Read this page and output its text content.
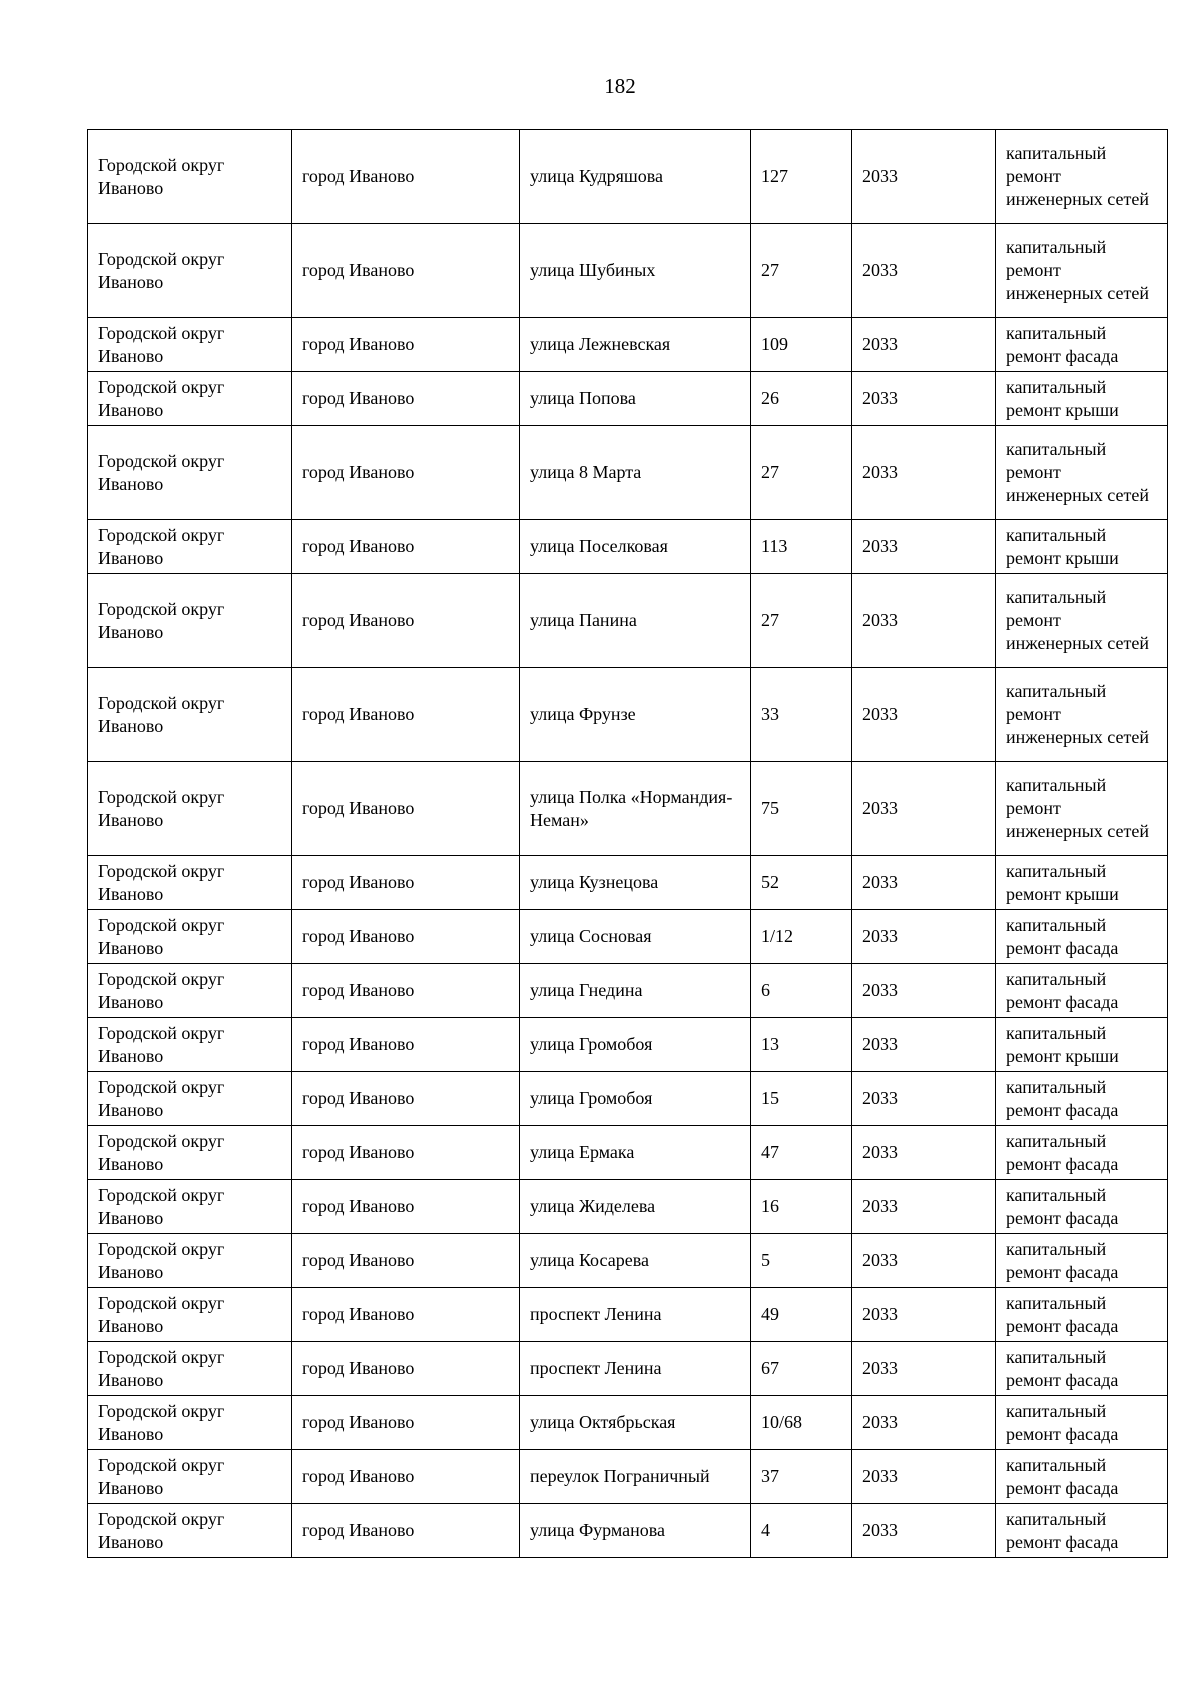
182
Городской округ Иваново	город Иваново	улица Кудряшова	127	2033	капитальный ремонт инженерных сетей
Городской округ Иваново	город Иваново	улица Шубиных	27	2033	капитальный ремонт инженерных сетей
Городской округ Иваново	город Иваново	улица Лежневская	109	2033	капитальный ремонт фасада
Городской округ Иваново	город Иваново	улица Попова	26	2033	капитальный ремонт крыши
Городской округ Иваново	город Иваново	улица 8 Марта	27	2033	капитальный ремонт инженерных сетей
Городской округ Иваново	город Иваново	улица Поселковая	113	2033	капитальный ремонт крыши
Городской округ Иваново	город Иваново	улица Панина	27	2033	капитальный ремонт инженерных сетей
Городской округ Иваново	город Иваново	улица Фрунзе	33	2033	капитальный ремонт инженерных сетей
Городской округ Иваново	город Иваново	улица Полка «Нормандия-Неман»	75	2033	капитальный ремонт инженерных сетей
Городской округ Иваново	город Иваново	улица Кузнецова	52	2033	капитальный ремонт крыши
Городской округ Иваново	город Иваново	улица Сосновая	1/12	2033	капитальный ремонт фасада
Городской округ Иваново	город Иваново	улица Гнедина	6	2033	капитальный ремонт фасада
Городской округ Иваново	город Иваново	улица Громобоя	13	2033	капитальный ремонт крыши
Городской округ Иваново	город Иваново	улица Громобоя	15	2033	капитальный ремонт фасада
Городской округ Иваново	город Иваново	улица Ермака	47	2033	капитальный ремонт фасада
Городской округ Иваново	город Иваново	улица Жиделева	16	2033	капитальный ремонт фасада
Городской округ Иваново	город Иваново	улица Косарева	5	2033	капитальный ремонт фасада
Городской округ Иваново	город Иваново	проспект Ленина	49	2033	капитальный ремонт фасада
Городской округ Иваново	город Иваново	проспект Ленина	67	2033	капитальный ремонт фасада
Городской округ Иваново	город Иваново	улица Октябрьская	10/68	2033	капитальный ремонт фасада
Городской округ Иваново	город Иваново	переулок Пограничный	37	2033	капитальный ремонт фасада
Городской округ Иваново	город Иваново	улица Фурманова	4	2033	капитальный ремонт фасада
